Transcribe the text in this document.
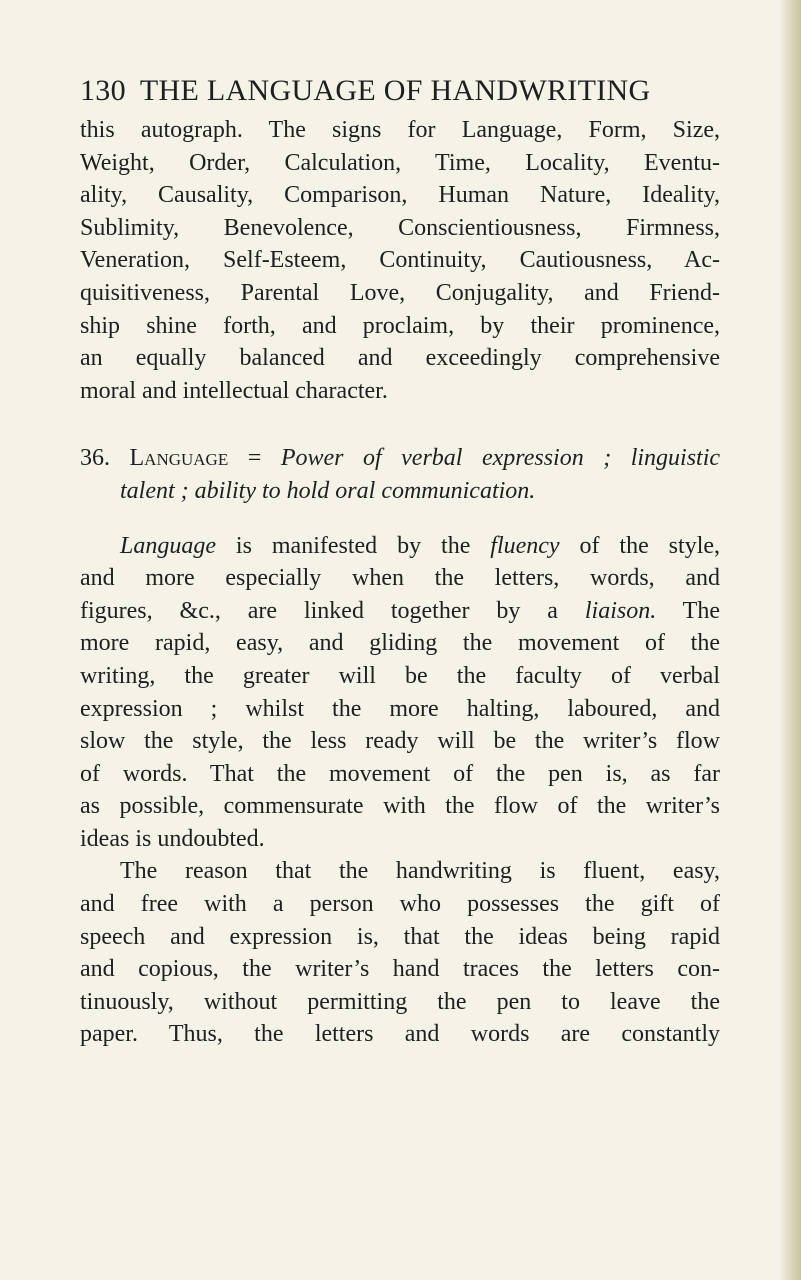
130 THE LANGUAGE OF HANDWRITING

this autograph. The signs for Language, Form, Size,
Weight, Order, Calculation, Time, Locality, Eventu-
ality, Causality, Comparison, Human Nature, Ideality,
Sublimity, Benevolence, Conscientiousness, Firmness,
Veneration, Self-Esteem, Continuity, Cautiousness, Ac-
quisitiveness, Parental Love, Conjugality, and Friend-
ship shine forth, and proclaim, by their prominence,
an equally balanced and exceedingly comprehensive
moral and intellectual character.

36. Language = Power of verbal expression ; linguistic
talent ; ability to hold oral communication.

Language is manifested by the fluency of the style,
and more especially when the letters, words, and
figures, &c., are linked together by a liaison. The
more rapid, easy, and gliding the movement of the
writing, the greater will be the faculty of verbal
expression ; whilst the more halting, laboured, and
slow the style, the less ready will be the writer’s flow
of words. That the movement of the pen is, as far
as possible, commensurate with the flow of the writer’s
ideas is undoubted.

The reason that the handwriting is fluent, easy,
and free with a person who possesses the gift of
speech and expression is, that the ideas being rapid
and copious, the writer’s hand traces the letters con-
tinuously, without permitting the pen to leave the
paper. Thus, the letters and words are constantly
